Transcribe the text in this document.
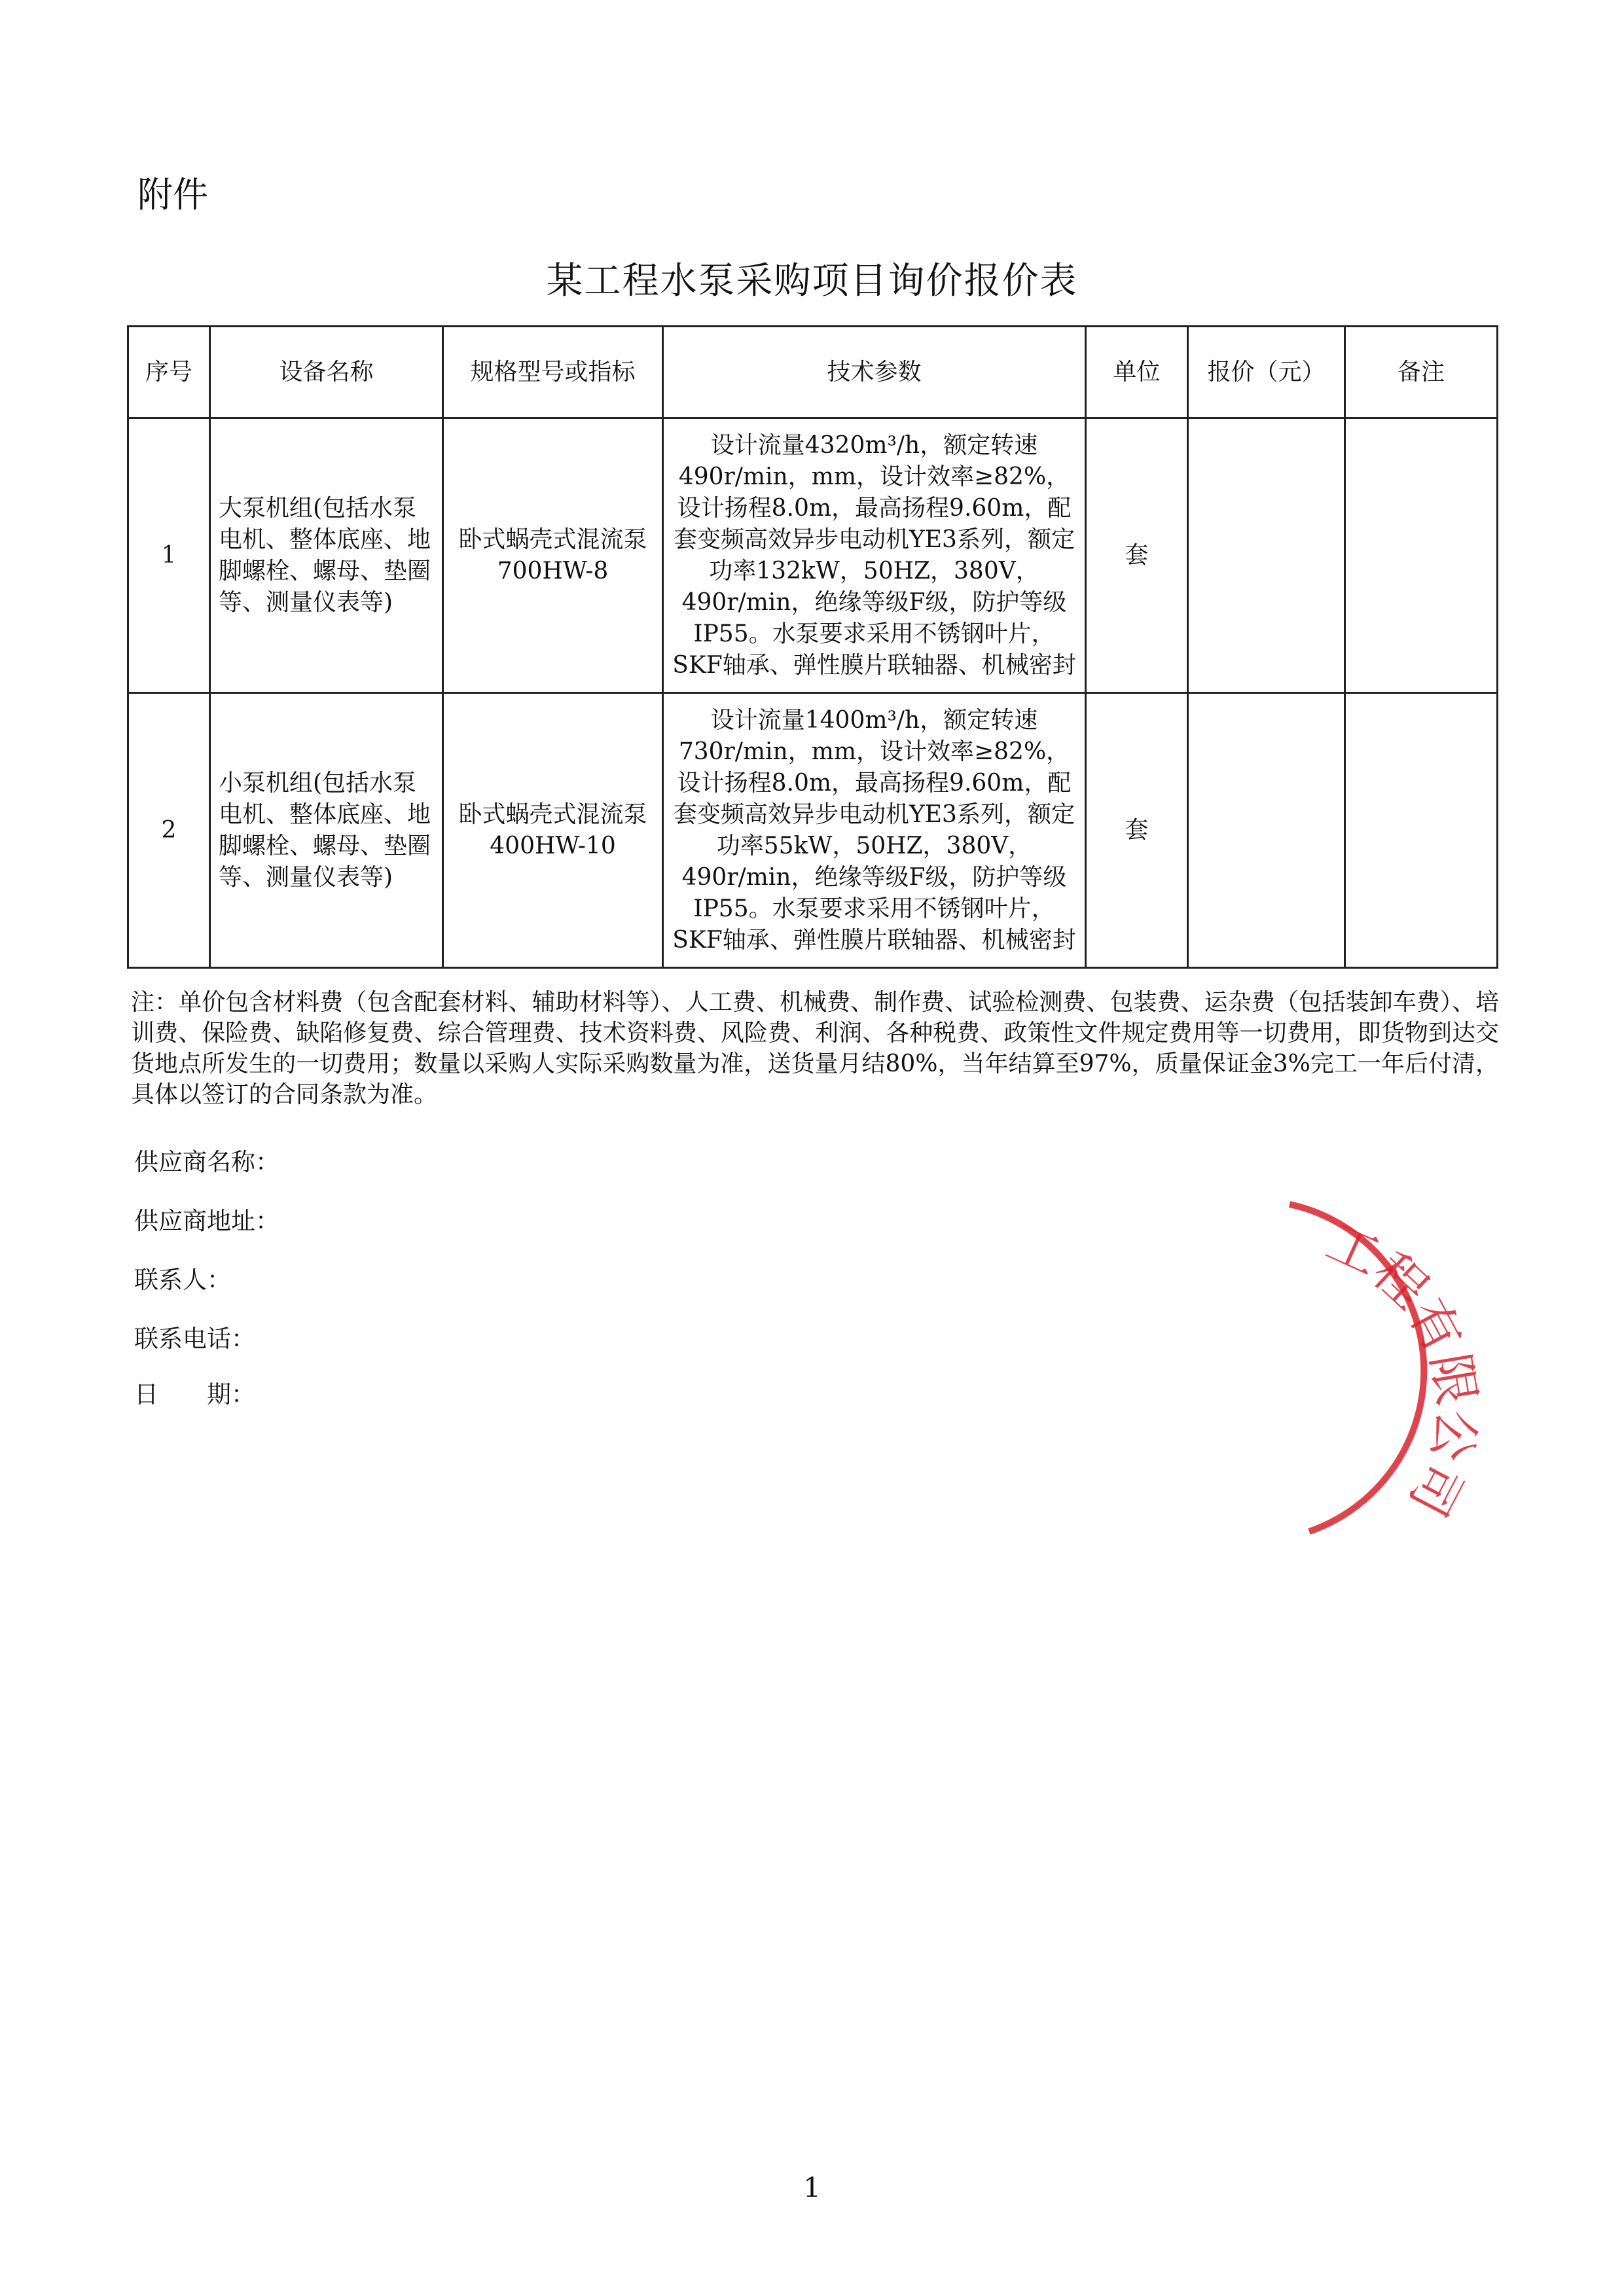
附件
某工程水泵采购项目询价报价表
序号	设备名称	规格型号或指标	技术参数	单位	报价（元）	备注
1	大泵机组(包括水泵电机、整体底座、地脚螺栓、螺母、垫圈等、测量仪表等)	卧式蜗壳式混流泵700HW-8	设计流量4320m³/h，额定转速490r/min，mm，设计效率≥82%，设计扬程8.0m，最高扬程9.60m，配套变频高效异步电动机YE3系列，额定功率132kW，50HZ，380V，490r/min，绝缘等级F级，防护等级IP55。水泵要求采用不锈钢叶片，SKF轴承、弹性膜片联轴器、机械密封	套		
2	小泵机组(包括水泵电机、整体底座、地脚螺栓、螺母、垫圈等、测量仪表等)	卧式蜗壳式混流泵400HW-10	设计流量1400m³/h，额定转速730r/min，mm，设计效率≥82%，设计扬程8.0m，最高扬程9.60m，配套变频高效异步电动机YE3系列，额定功率55kW，50HZ，380V，490r/min，绝缘等级F级，防护等级IP55。水泵要求采用不锈钢叶片，SKF轴承、弹性膜片联轴器、机械密封	套		
注：单价包含材料费（包含配套材料、辅助材料等）、人工费、机械费、制作费、试验检测费、包装费、运杂费（包括装卸车费）、培训费、保险费、缺陷修复费、综合管理费、技术资料费、风险费、利润、各种税费、政策性文件规定费用等一切费用，即货物到达交货地点所发生的一切费用；数量以采购人实际采购数量为准，送货量月结80%，当年结算至97%，质量保证金3%完工一年后付清，具体以签订的合同条款为准。
供应商名称：
供应商地址：
联系人：
联系电话：
日　　期：
工程有限公司
1
